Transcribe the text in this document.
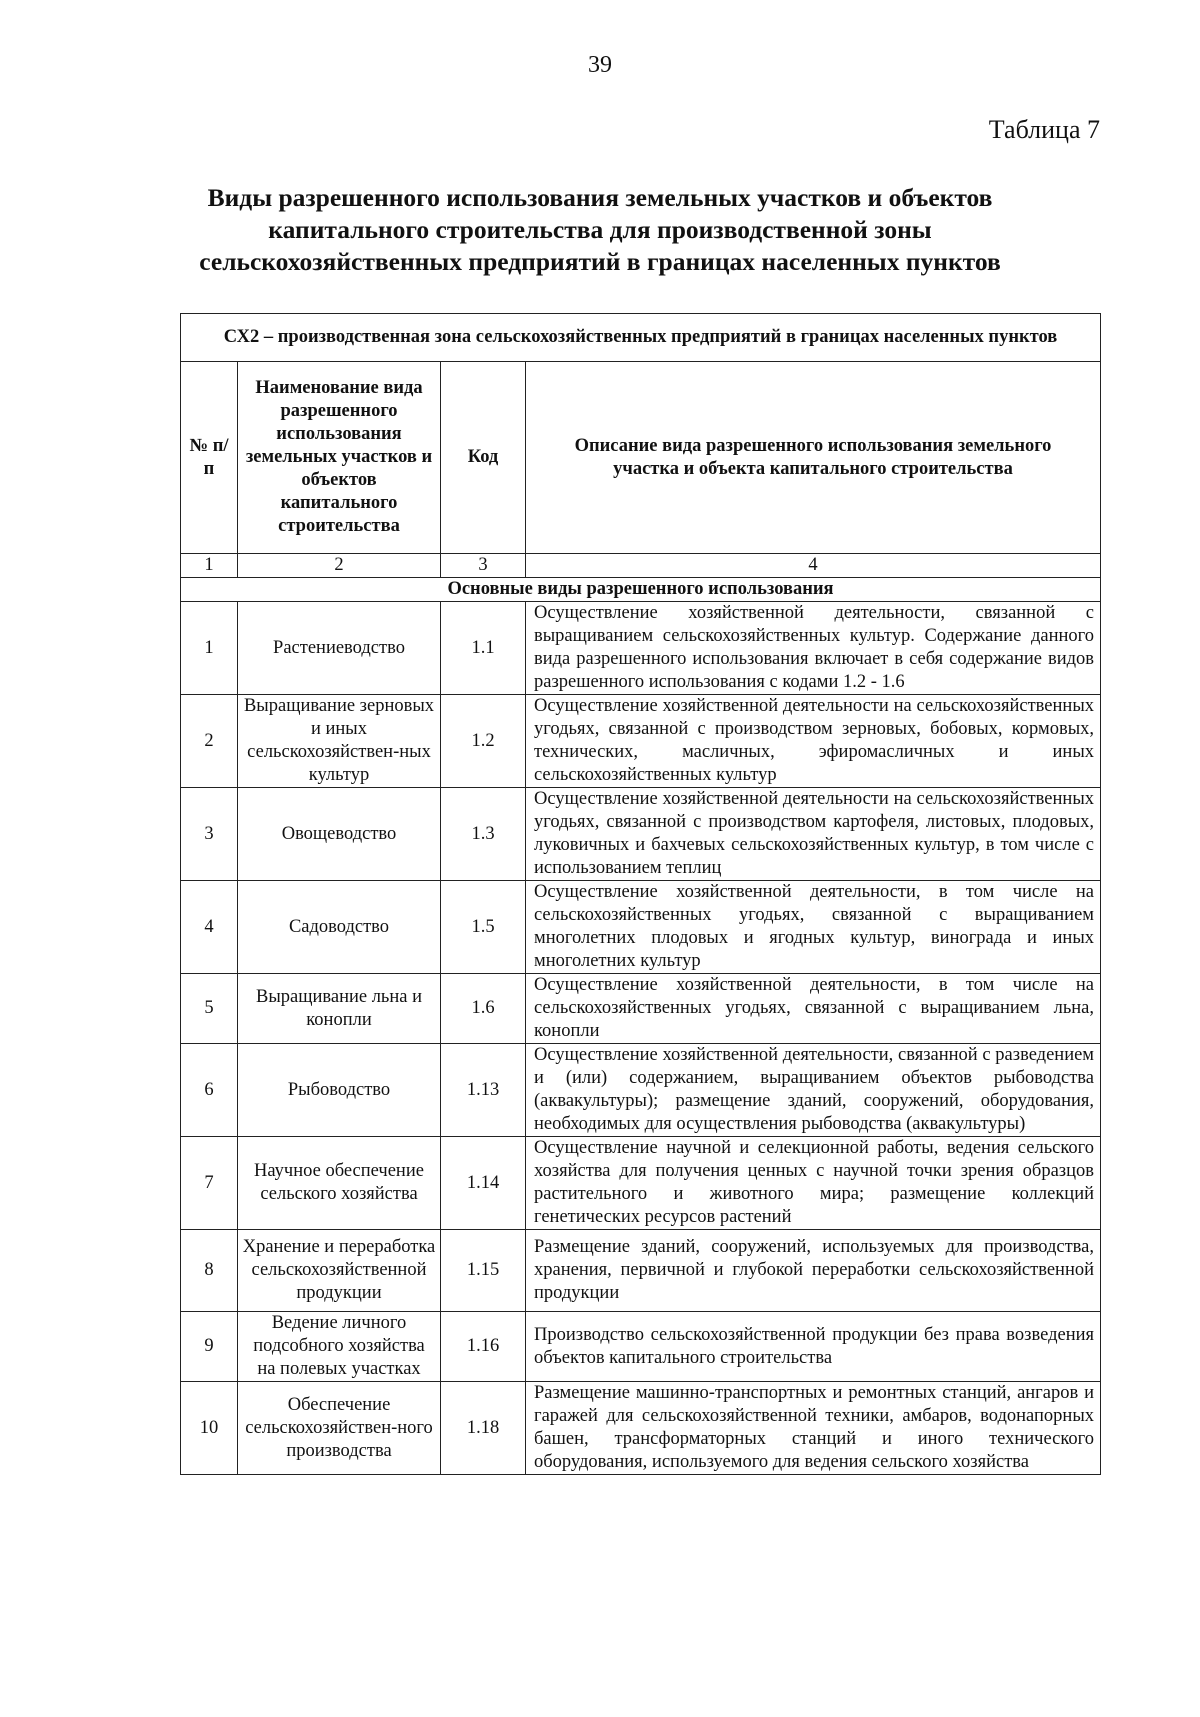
39
Таблица 7
Виды разрешенного использования земельных участков и объектов капитального строительства для производственной зоны сельскохозяйственных предприятий в границах населенных пунктов
СХ2 – производственная зона сельскохозяйственных предприятий в границах населенных пунктов			
№ п/п	Наименование вида разрешенного использования земельных участков и объектов капитального строительства	Код	Описание вида разрешенного использования земельного участка и объекта капитального строительства
1	2	3	4
Основные виды разрешенного использования			
1	Растениеводство	1.1	Осуществление хозяйственной деятельности, связанной с выращиванием сельскохозяйственных культур. Содержание данного вида разрешенного использования включает в себя содержание видов разрешенного использования с кодами 1.2 - 1.6
2	Выращивание зерновых и иных сельскохозяйствен-ных культур	1.2	Осуществление хозяйственной деятельности на сельскохозяйственных угодьях, связанной с производством зерновых, бобовых, кормовых, технических, масличных, эфиромасличных и иных сельскохозяйственных культур
3	Овощеводство	1.3	Осуществление хозяйственной деятельности на сельскохозяйственных угодьях, связанной с производством картофеля, листовых, плодовых, луковичных и бахчевых сельскохозяйственных культур, в том числе с использованием теплиц
4	Садоводство	1.5	Осуществление хозяйственной деятельности, в том числе на сельскохозяйственных угодьях, связанной с выращиванием многолетних плодовых и ягодных культур, винограда и иных многолетних культур
5	Выращивание льна и конопли	1.6	Осуществление хозяйственной деятельности, в том числе на сельскохозяйственных угодьях, связанной с выращиванием льна, конопли
6	Рыбоводство	1.13	Осуществление хозяйственной деятельности, связанной с разведением и (или) содержанием, выращиванием объектов рыбоводства (аквакультуры); размещение зданий, сооружений, оборудования, необходимых для осуществления рыбоводства (аквакультуры)
7	Научное обеспечение сельского хозяйства	1.14	Осуществление научной и селекционной работы, ведения сельского хозяйства для получения ценных с научной точки зрения образцов растительного и животного мира; размещение коллекций генетических ресурсов растений
8	Хранение и переработка сельскохозяйственной продукции	1.15	Размещение зданий, сооружений, используемых для производства, хранения, первичной и глубокой переработки сельскохозяйственной продукции
9	Ведение личного подсобного хозяйства на полевых участках	1.16	Производство сельскохозяйственной продукции без права возведения объектов капитального строительства
10	Обеспечение сельскохозяйствен-ного производства	1.18	Размещение машинно-транспортных и ремонтных станций, ангаров и гаражей для сельскохозяйственной техники, амбаров, водонапорных башен, трансформаторных станций и иного технического оборудования, используемого для ведения сельского хозяйства
